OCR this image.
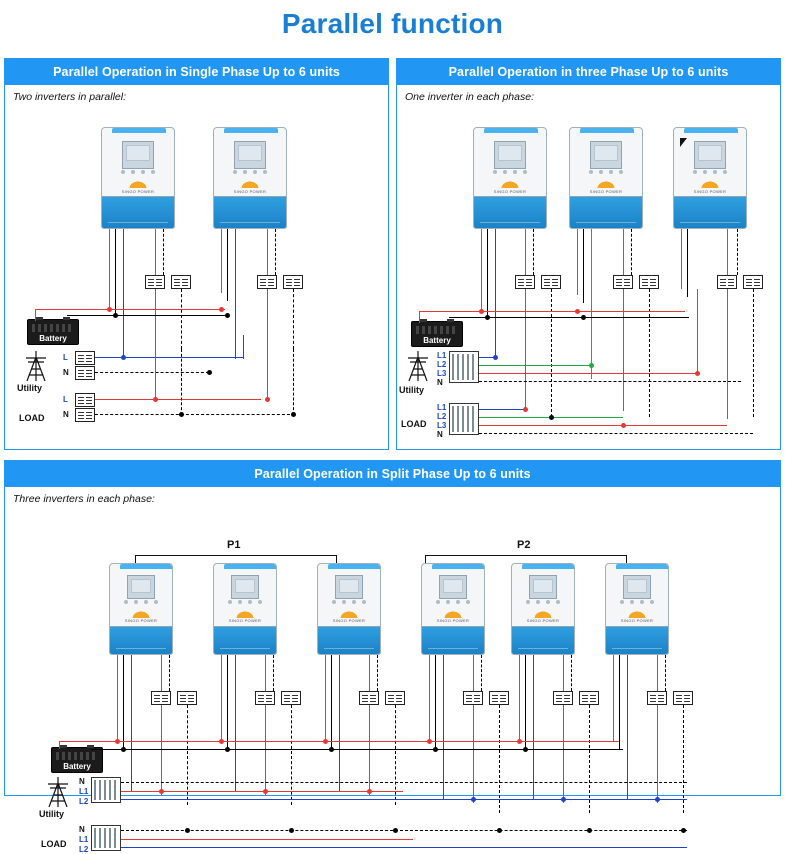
Parallel function
Parallel Operation in Single Phase Up to 6 units
Two inverters in parallel:
SINGO POWER	SINGO POWER
Battery
Utility
LOAD
L
N
L
N
Parallel Operation in three Phase Up to 6 units
One inverter in each phase:
SINGO POWER	SINGO POWER	SINGO POWER
Battery
Utility
LOAD
L1
L2
L3
N
L1
L2
L3
N
Parallel Operation in Split Phase Up to 6 units
Three inverters in each phase:
P1	P2
SINGO POWER	SINGO POWER	SINGO POWER	SINGO POWER	SINGO POWER	SINGO POWER
Battery
Utility
LOAD
N
L1
L2
N
L1
L2
